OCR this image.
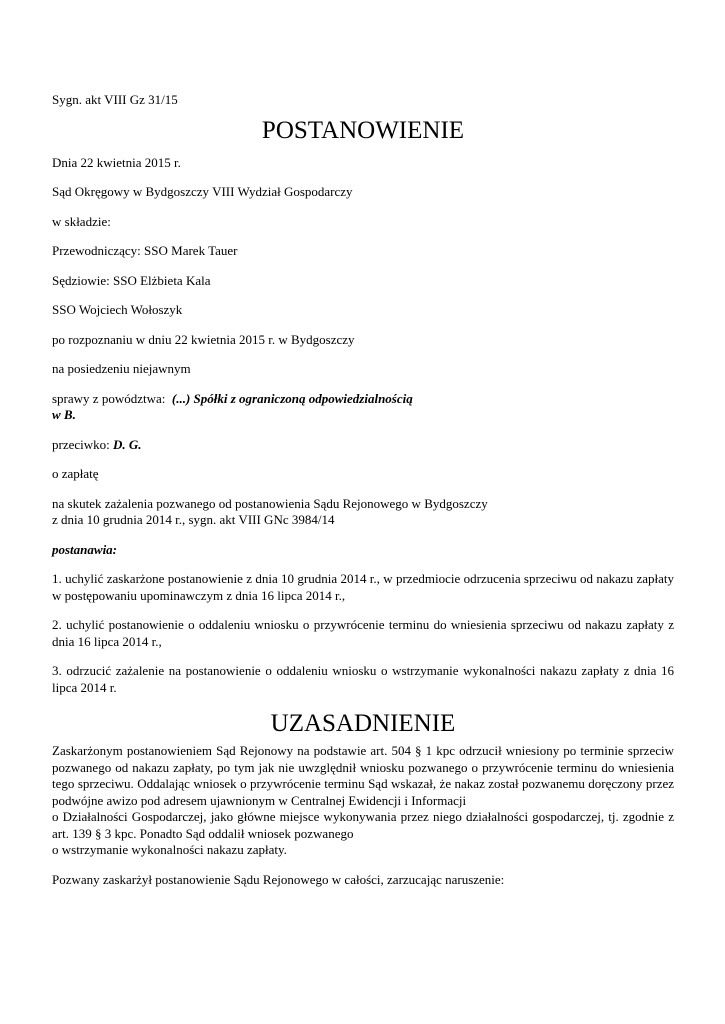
Sygn. akt VIII Gz 31/15

POSTANOWIENIE

Dnia 22 kwietnia 2015 r.

Sąd Okręgowy w Bydgoszczy VIII Wydział Gospodarczy

w składzie:

Przewodniczący: SSO Marek Tauer

Sędziowie: SSO Elżbieta Kala

SSO Wojciech Wołoszyk

po rozpoznaniu w dniu 22 kwietnia 2015 r. w Bydgoszczy

na posiedzeniu niejawnym

sprawy z powództwa:  (...) Spółki z ograniczoną odpowiedzialnością
w B.

przeciwko: D. G.

o zapłatę

na skutek zażalenia pozwanego od postanowienia Sądu Rejonowego w Bydgoszczy
z dnia 10 grudnia 2014 r., sygn. akt VIII GNc 3984/14

postanawia:

1. uchylić zaskarżone postanowienie z dnia 10 grudnia 2014 r., w przedmiocie odrzucenia sprzeciwu od nakazu zapłaty w postępowaniu upominawczym z dnia 16 lipca 2014 r.,

2. uchylić postanowienie o oddaleniu wniosku o przywrócenie terminu do wniesienia sprzeciwu od nakazu zapłaty z dnia 16 lipca 2014 r.,

3. odrzucić zażalenie na postanowienie o oddaleniu wniosku o wstrzymanie wykonalności nakazu zapłaty z dnia 16 lipca 2014 r.

UZASADNIENIE

Zaskarżonym postanowieniem Sąd Rejonowy na podstawie art. 504 § 1 kpc odrzucił wniesiony po terminie sprzeciw pozwanego od nakazu zapłaty, po tym jak nie uwzględnił wniosku pozwanego o przywrócenie terminu do wniesienia tego sprzeciwu. Oddalając wniosek o przywrócenie terminu Sąd wskazał, że nakaz został pozwanemu doręczony przez podwójne awizo pod adresem ujawnionym w Centralnej Ewidencji i Informacji
o Działalności Gospodarczej, jako główne miejsce wykonywania przez niego działalności gospodarczej, tj. zgodnie z art. 139 § 3 kpc. Ponadto Sąd oddalił wniosek pozwanego
o wstrzymanie wykonalności nakazu zapłaty.

Pozwany zaskarżył postanowienie Sądu Rejonowego w całości, zarzucając naruszenie:
